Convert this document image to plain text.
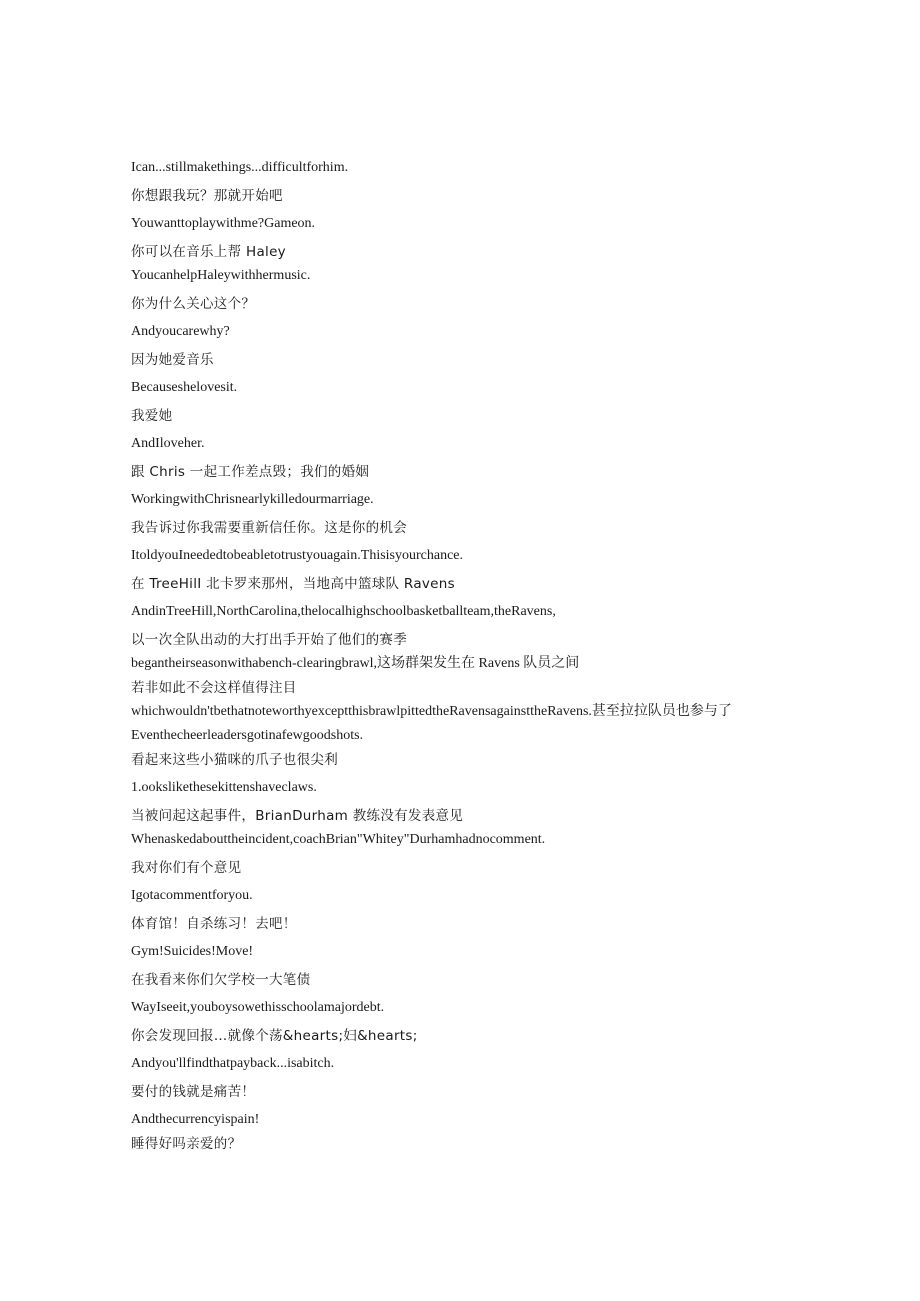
Ican...stillmakethings...difficultforhim.

你想跟我玩？那就开始吧

Youwanttoplaywithme?Gameon.

你可以在音乐上帮 Haley

YoucanhelpHaleywithhermusic.

你为什么关心这个？

Andyoucarewhy?

因为她爱音乐

Becauseshelovesit.

我爱她

AndIloveher.

跟 Chris 一起工作差点毁；我们的婚姻

WorkingwithChrisnearlykilledourmarriage.

我告诉过你我需要重新信任你。这是你的机会

ItoldyouIneededtobeabletotrustyouagain.Thisisyourchance.

在 TreeHilI 北卡罗来那州，当地高中篮球队 Ravens

AndinTreeHill,NorthCarolina,thelocalhighschoolbasketballteam,theRavens,

以一次全队出动的大打出手开始了他们的赛季

begantheirseasonwithabench-clearingbrawl,这场群架发生在 Ravens 队员之间

若非如此不会这样值得注目

whichwouldn'tbethatnoteworthyexceptthisbrawlpittedtheRavensagainsttheRavens.甚至拉拉队员也参与了

Eventhecheerleadersgotinafewgoodshots.

看起来这些小猫咪的爪子也很尖利

1.ookslikethesekittenshaveclaws.

当被问起这起事件，BrianDurham 教练没有发表意见

Whenaskedabouttheincident,coachBrian"Whitey"Durhamhadnocomment.

我对你们有个意见

Igotacommentforyou.

体育馆！自杀练习！去吧！

Gym!Suicides!Move!

在我看来你们欠学校一大笔债

WayIseeit,youboysowethisschoolamajordebt.

你会发现回报…就像个荡&hearts;妇&hearts;

Andyou'llfindthatpayback...isabitch.

要付的钱就是痛苦！

Andthecurrencyispain!

睡得好吗亲爱的？
